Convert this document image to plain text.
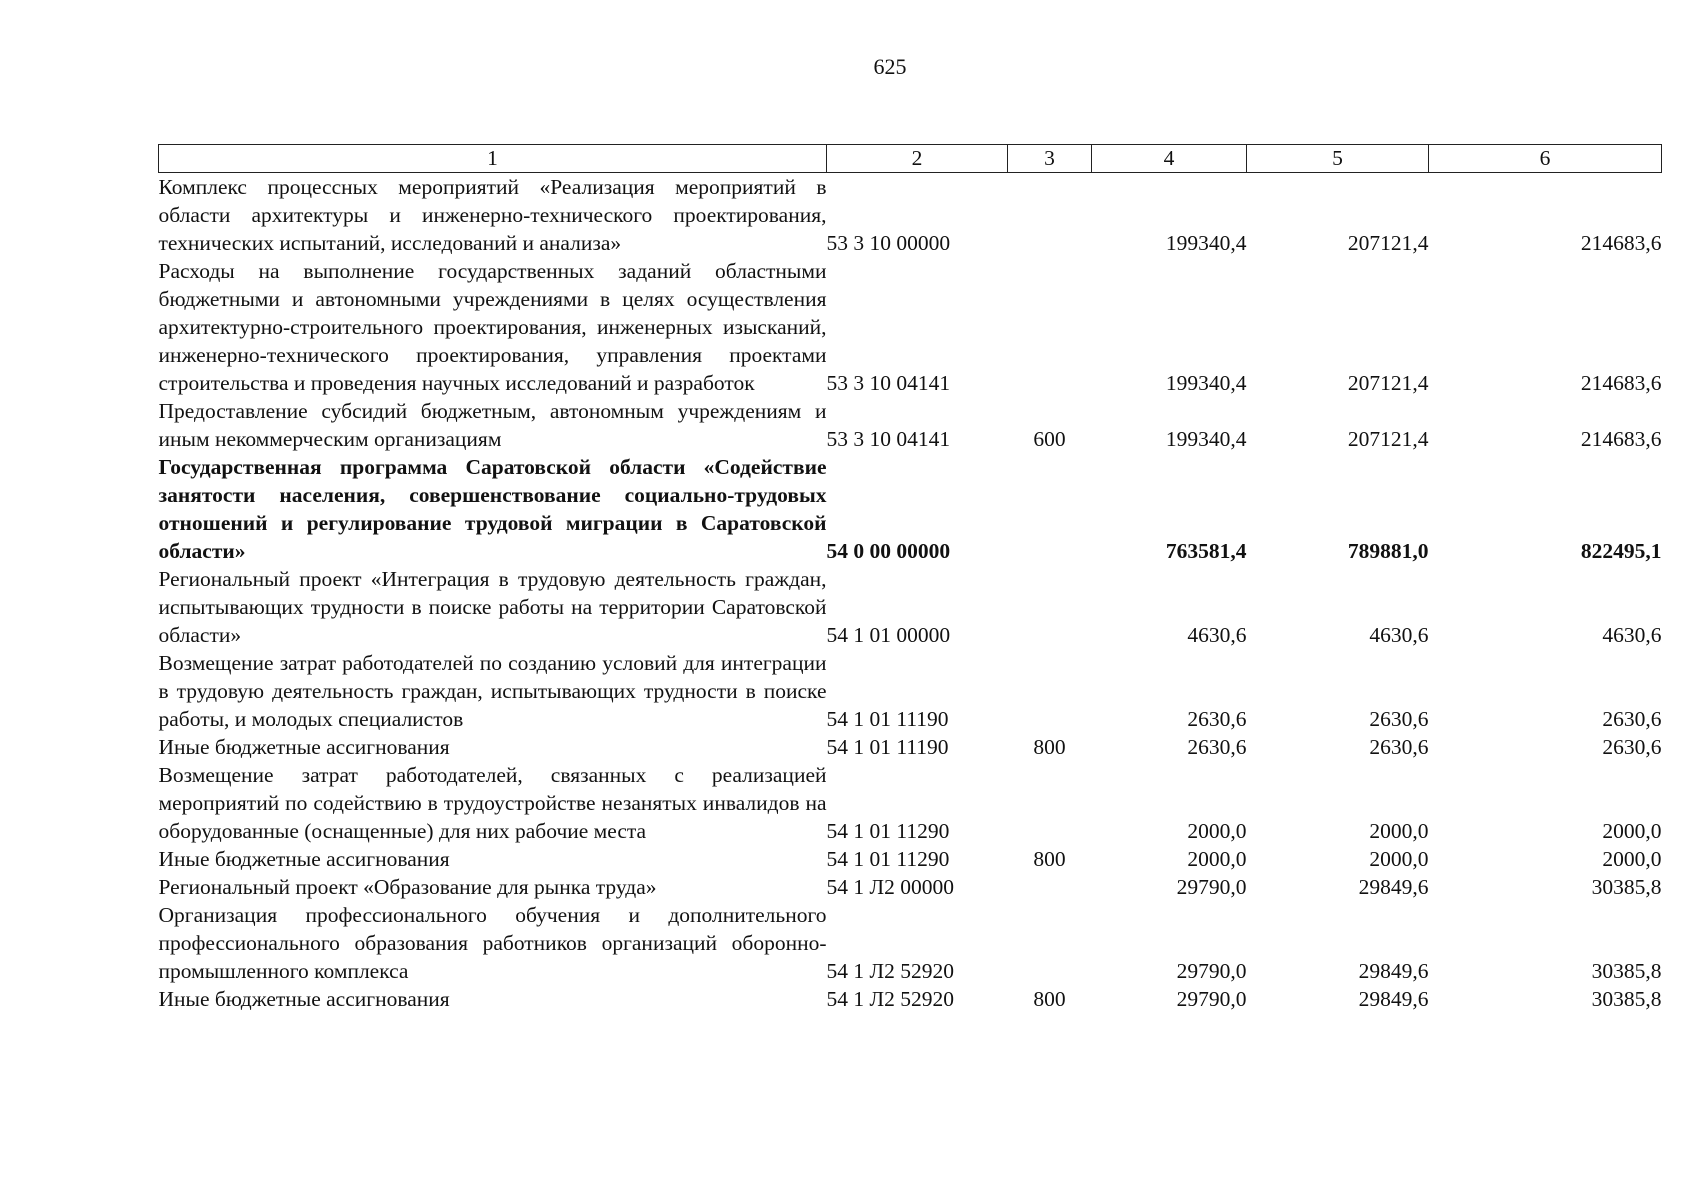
625
1	2	3	4	5	6
Комплекс процессных мероприятий «Реализация мероприятий в области архитектуры и инженерно-технического проектирования, технических испытаний, исследований и анализа»	53 3 10 00000		199340,4	207121,4	214683,6
Расходы на выполнение государственных заданий областными бюджетными и автономными учреждениями в целях осуществления архитектурно-строительного проектирования, инженерных изысканий, инженерно-технического проектирования, управления проектами строительства и проведения научных исследований и разработок	53 3 10 04141		199340,4	207121,4	214683,6
Предоставление субсидий бюджетным, автономным учреждениям и иным некоммерческим организациям	53 3 10 04141	600	199340,4	207121,4	214683,6
Государственная программа Саратовской области «Содействие занятости населения, совершенствование социально-трудовых отношений и регулирование трудовой миграции в Саратовской области»	54 0 00 00000		763581,4	789881,0	822495,1
Региональный проект «Интеграция в трудовую деятельность граждан, испытывающих трудности в поиске работы на территории Саратовской области»	54 1 01 00000		4630,6	4630,6	4630,6
Возмещение затрат работодателей по созданию условий для интеграции в трудовую деятельность граждан, испытывающих трудности в поиске работы, и молодых специалистов	54 1 01 11190		2630,6	2630,6	2630,6
Иные бюджетные ассигнования	54 1 01 11190	800	2630,6	2630,6	2630,6
Возмещение затрат работодателей, связанных с реализацией мероприятий по содействию в трудоустройстве незанятых инвалидов на оборудованные (оснащенные) для них рабочие места	54 1 01 11290		2000,0	2000,0	2000,0
Иные бюджетные ассигнования	54 1 01 11290	800	2000,0	2000,0	2000,0
Региональный проект «Образование для рынка труда»	54 1 Л2 00000		29790,0	29849,6	30385,8
Организация профессионального обучения и дополнительного профессионального образования работников организаций оборонно-промышленного комплекса	54 1 Л2 52920		29790,0	29849,6	30385,8
Иные бюджетные ассигнования	54 1 Л2 52920	800	29790,0	29849,6	30385,8
